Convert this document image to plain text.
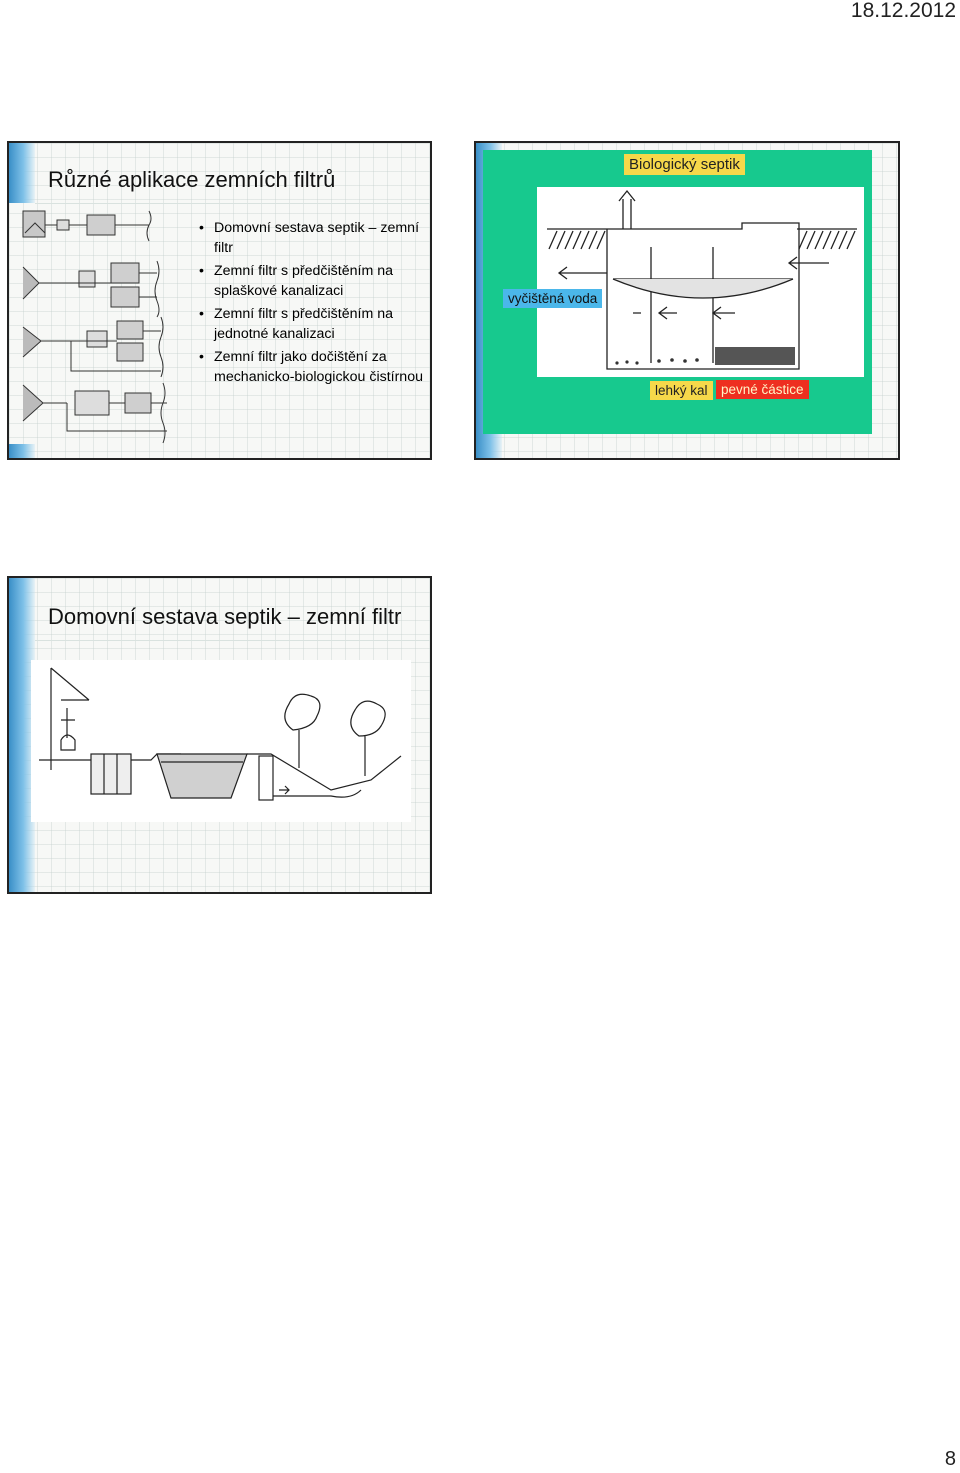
18.12.2012
Různé aplikace zemních filtrů
• Domovní sestava septik – zemní filtr
• Zemní filtr s předčištěním na splaškové kanalizaci
• Zemní filtr s předčištěním na jednotné kanalizaci
• Zemní filtr jako dočištění za mechanicko-biologickou čistírnou
Biologický septik
vyčištěná voda
lehký kal pevné částice
Domovní sestava septik – zemní filtr
8
